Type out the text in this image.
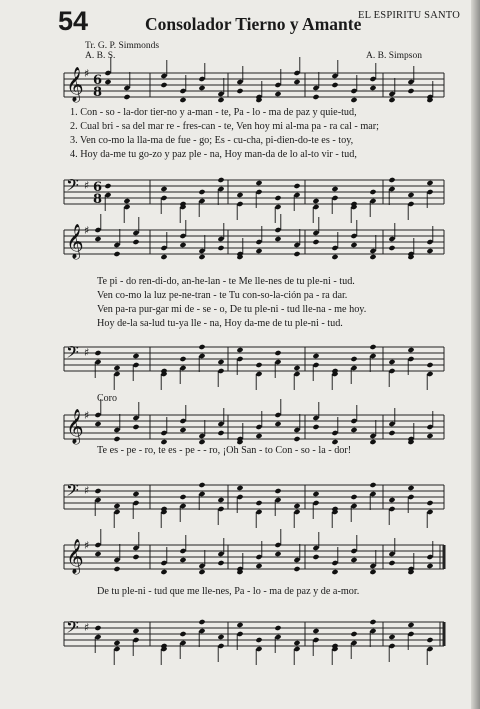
54	Consolador Tierno y Amante
EL ESPIRITU SANTO
Tr. G. P. Simmonds
A. B. S.	A. B. Simpson
𝄞 ♯ 6
8
1. Con - so - la-dor tier-no y a-man - te, Pa - lo - ma de paz y quie-tud,
2. Cual bri - sa del mar re - fres-can - te, Ven hoy mi al-ma pa - ra cal - mar;
3. Ven co-mo la lla-ma de fue - go; Es - cu-cha, pi-dien-do-te es - toy,
4. Hoy da-me tu go-zo y paz ple - na, Hoy man-da de lo al-to vir - tud,
𝄢 ♯ 6
8
𝄞 ♯
Te pi - do ren-di-do, an-he-lan - te Me lle-nes de tu ple-ni - tud.
Ven co-mo la luz pe-ne-tran - te Tu con-so-la-ción pa - ra dar.
Ven pa-ra pur-gar mi de - se - o, De tu ple-ni - tud lle-na - me hoy.
Hoy de-la sa-lud tu-ya lle - na, Hoy da-me de tu ple-ni - tud.
𝄢 ♯
Coro
𝄞 ♯
Te es - pe - ro, te es - pe - - ro, ¡Oh San - to Con - so - la - dor!
𝄢 ♯
𝄞 ♯
De tu ple-ni - tud que me lle-nes, Pa - lo - ma de paz y de a-mor.
𝄢 ♯
